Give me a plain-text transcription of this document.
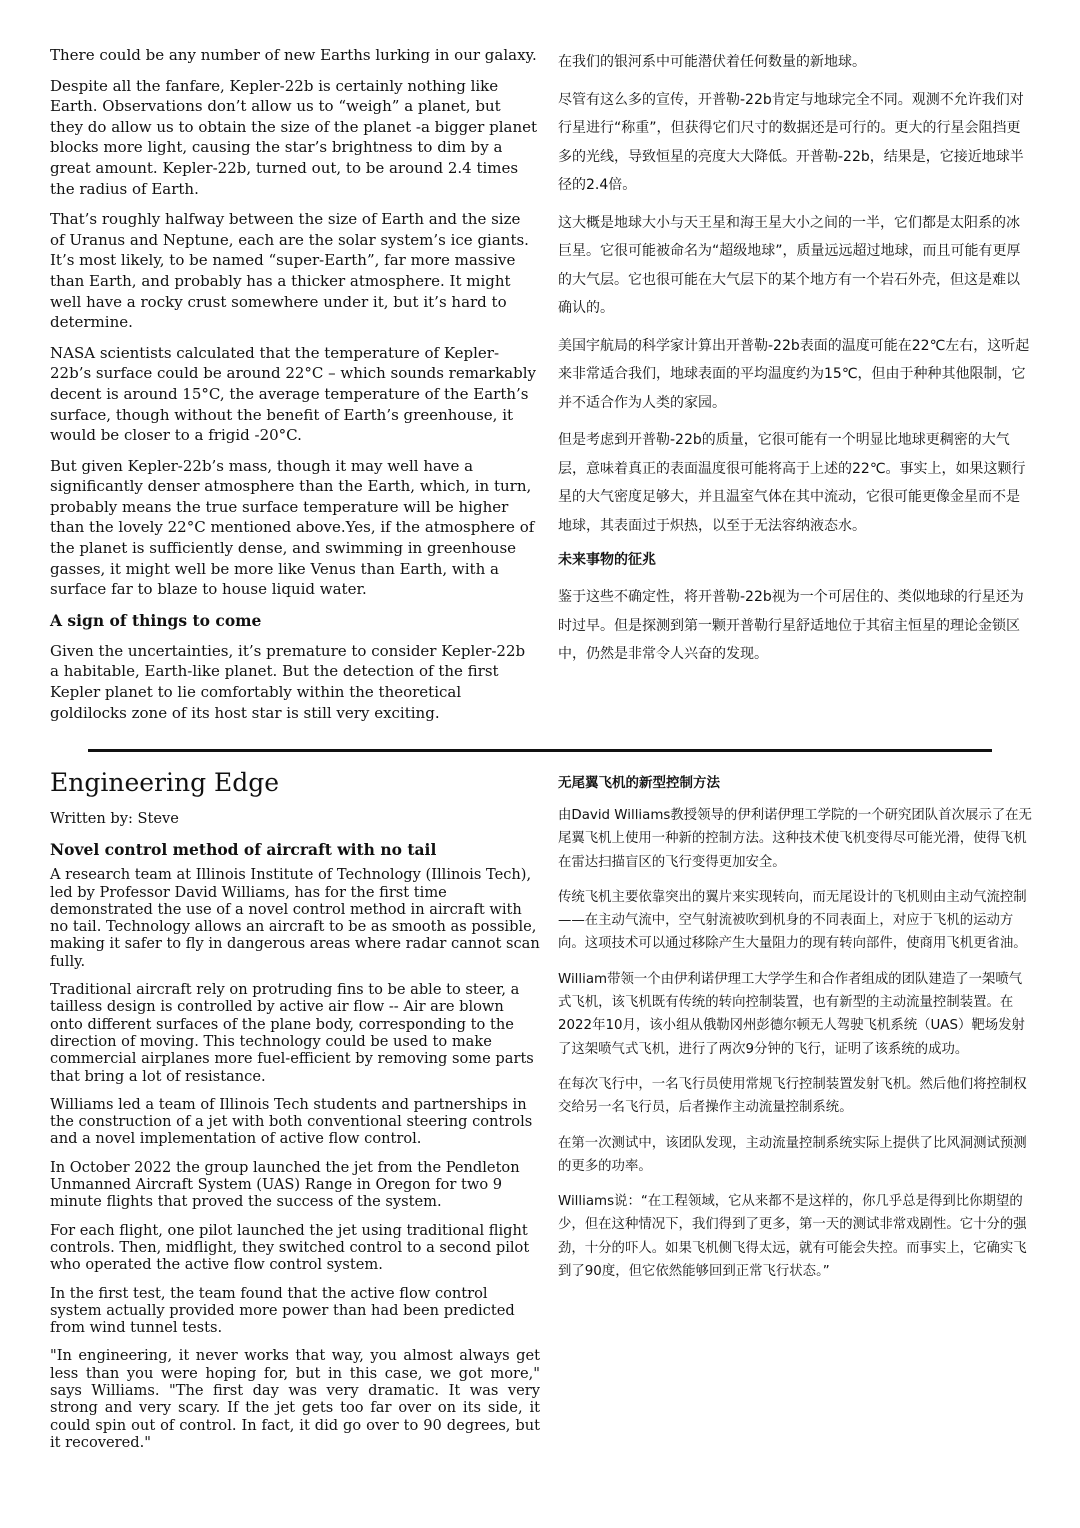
There could be any number of new Earths lurking in our galaxy.

Despite all the fanfare, Kepler-22b is certainly nothing like Earth. Observations don’t allow us to “weigh” a planet, but they do allow us to obtain the size of the planet -a bigger planet blocks more light, causing the star’s brightness to dim by a great amount. Kepler-22b, turned out, to be around 2.4 times the radius of Earth.

That’s roughly halfway between the size of Earth and the size of Uranus and Neptune, each are the solar system’s ice giants. It’s most likely, to be named “super-Earth”, far more massive than Earth, and probably has a thicker atmosphere. It might well have a rocky crust somewhere under it, but it’s hard to determine.

NASA scientists calculated that the temperature of Kepler-22b’s surface could be around 22°C – which sounds remarkably decent is around 15°C, the average temperature of the Earth’s surface, though without the benefit of Earth’s greenhouse, it would be closer to a frigid -20°C.

But given Kepler-22b’s mass, though it may well have a significantly denser atmosphere than the Earth, which, in turn, probably means the true surface temperature will be higher than the lovely 22°C mentioned above.Yes, if the atmosphere of the planet is sufficiently dense, and swimming in greenhouse gasses, it might well be more like Venus than Earth, with a surface far to blaze to house liquid water.

A sign of things to come

Given the uncertainties, it’s premature to consider Kepler-22b a habitable, Earth-like planet. But the detection of the first Kepler planet to lie comfortably within the theoretical goldilocks zone of its host star is still very exciting.

在我们的银河系中可能潜伏着任何数量的新地球。

尽管有这么多的宣传，开普勒-22b肯定与地球完全不同。观测不允许我们对行星进行“称重”，但获得它们尺寸的数据还是可行的。更大的行星会阻挡更多的光线，导致恒星的亮度大大降低。开普勒-22b，结果是，它接近地球半径的2.4倍。

这大概是地球大小与天王星和海王星大小之间的一半，它们都是太阳系的冰巨星。它很可能被命名为“超级地球”，质量远远超过地球，而且可能有更厚的大气层。它也很可能在大气层下的某个地方有一个岩石外壳，但这是难以确认的。

美国宇航局的科学家计算出开普勒-22b表面的温度可能在22℃左右，这听起来非常适合我们，地球表面的平均温度约为15℃，但由于种种其他限制，它并不适合作为人类的家园。

但是考虑到开普勒-22b的质量，它很可能有一个明显比地球更稠密的大气层，意味着真正的表面温度很可能将高于上述的22℃。事实上，如果这颗行星的大气密度足够大，并且温室气体在其中流动，它很可能更像金星而不是地球，其表面过于炽热，以至于无法容纳液态水。

未来事物的征兆

鉴于这些不确定性，将开普勒-22b视为一个可居住的、类似地球的行星还为时过早。但是探测到第一颗开普勒行星舒适地位于其宿主恒星的理论金锁区中，仍然是非常令人兴奋的发现。

Engineering Edge

Written by: Steve

Novel control method of aircraft with no tail

A research team at Illinois Institute of Technology (Illinois Tech), led by Professor David Williams, has for the first time demonstrated the use of a novel control method in aircraft with no tail. Technology allows an aircraft to be as smooth as possible, making it safer to fly in dangerous areas where radar cannot scan fully.

Traditional aircraft rely on protruding fins to be able to steer, a tailless design is controlled by active air flow -- Air are blown onto different surfaces of the plane body, corresponding to the direction of moving. This technology could be used to make commercial airplanes more fuel-efficient by removing some parts that bring a lot of resistance.

Williams led a team of Illinois Tech students and partnerships in the construction of a jet with both conventional steering controls and a novel implementation of active flow control.

In October 2022 the group launched the jet from the Pendleton Unmanned Aircraft System (UAS) Range in Oregon for two 9 minute flights that proved the success of the system.

For each flight, one pilot launched the jet using traditional flight controls. Then, midflight, they switched control to a second pilot who operated the active flow control system.

In the first test, the team found that the active flow control system actually provided more power than had been predicted from wind tunnel tests.

"In engineering, it never works that way, you almost always get less than you were hoping for, but in this case, we got more," says Williams. "The first day was very dramatic. It was very strong and very scary. If the jet gets too far over on its side, it could spin out of control. In fact, it did go over to 90 degrees, but it recovered."

无尾翼飞机的新型控制方法

由David Williams教授领导的伊利诺伊理工学院的一个研究团队首次展示了在无尾翼飞机上使用一种新的控制方法。这种技术使飞机变得尽可能光滑，使得飞机在雷达扫描盲区的飞行变得更加安全。

传统飞机主要依靠突出的翼片来实现转向，而无尾设计的飞机则由主动气流控制——在主动气流中，空气射流被吹到机身的不同表面上，对应于飞机的运动方向。这项技术可以通过移除产生大量阻力的现有转向部件，使商用飞机更省油。

William带领一个由伊利诺伊理工大学学生和合作者组成的团队建造了一架喷气式飞机，该飞机既有传统的转向控制装置，也有新型的主动流量控制装置。在2022年10月，该小组从俄勒冈州彭德尔顿无人驾驶飞机系统（UAS）靶场发射了这架喷气式飞机，进行了两次9分钟的飞行，证明了该系统的成功。

在每次飞行中，一名飞行员使用常规飞行控制装置发射飞机。然后他们将控制权交给另一名飞行员，后者操作主动流量控制系统。

在第一次测试中，该团队发现，主动流量控制系统实际上提供了比风洞测试预测的更多的功率。

Williams说：“在工程领域，它从来都不是这样的，你几乎总是得到比你期望的少，但在这种情况下，我们得到了更多，第一天的测试非常戏剧性。它十分的强劲，十分的吓人。如果飞机侧飞得太远，就有可能会失控。而事实上，它确实飞到了90度，但它依然能够回到正常飞行状态。”
